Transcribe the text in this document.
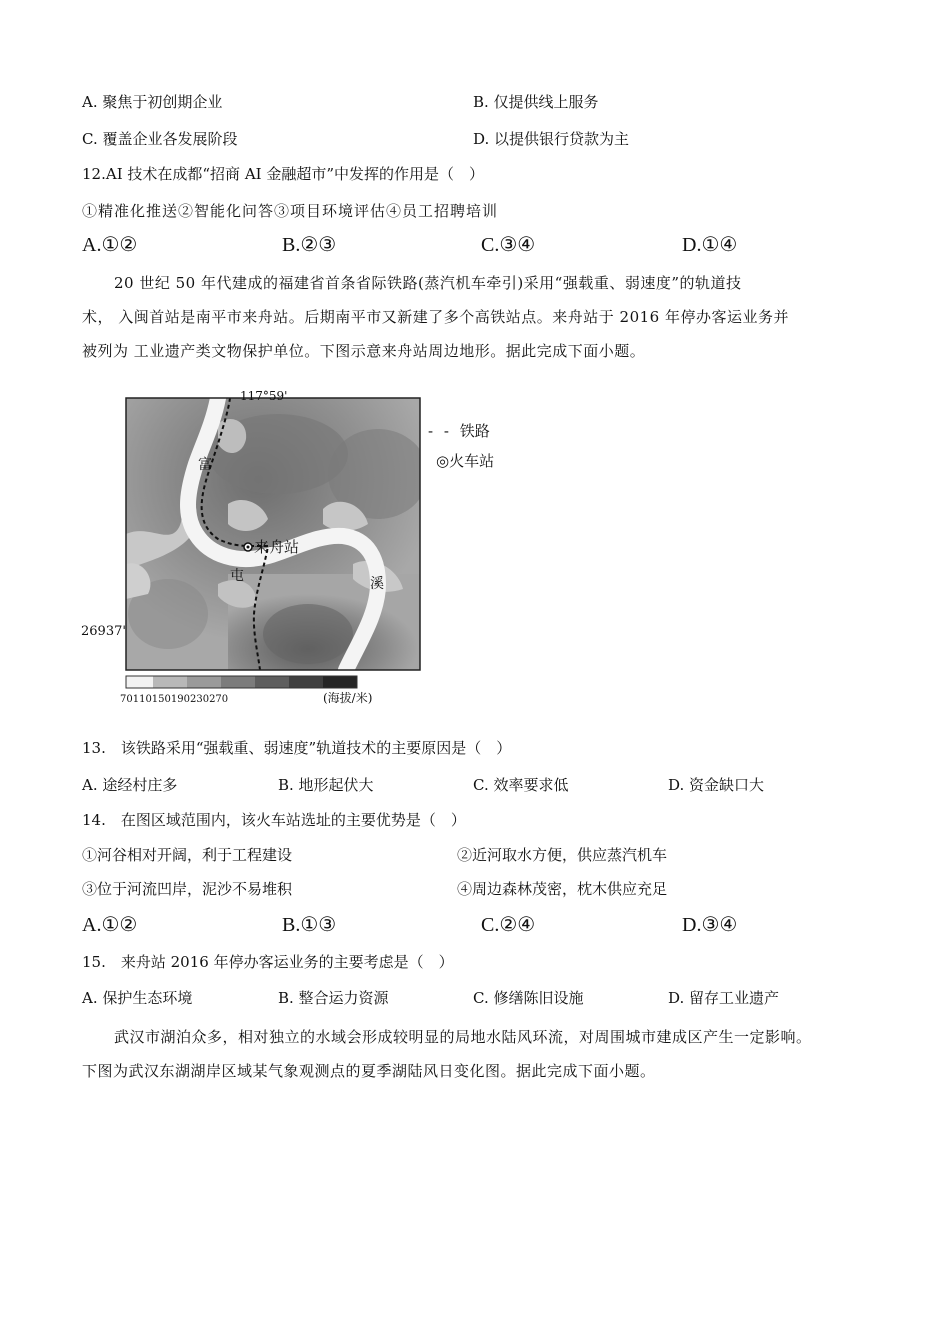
A. 聚焦于初创期企业	B. 仅提供线上服务
C. 覆盖企业各发展阶段	D. 以提供银行贷款为主
12.AI 技术在成都“招商 AI 金融超市”中发挥的作用是（　）
①精准化推送②智能化问答③项目环境评估④员工招聘培训
A.①②	B.②③	C.③④	D.①④

20 世纪 50 年代建成的福建省首条省际铁路(蒸汽机车牵引)采用“强载重、弱速度”的轨道技

术， 入闽首站是南平市来舟站。后期南平市又新建了多个高铁站点。来舟站于 2016 年停办客运业务并

被列为 工业遗产类文物保护单位。下图示意来舟站周边地形。据此完成下面小题。

117°59'
26937'
来舟站
富
屯	溪
70110150190230270	(海拔/米)
- - 铁路
◎火车站
13.　该铁路采用“强载重、弱速度”轨道技术的主要原因是（　）
A. 途经村庄多	B. 地形起伏大	C. 效率要求低	D. 资金缺口大
14.　在图区域范围内，该火车站选址的主要优势是（　）
①河谷相对开阔，利于工程建设	②近河取水方便，供应蒸汽机车
③位于河流凹岸，泥沙不易堆积	④周边森林茂密，枕木供应充足
A.①②	B.①③	C.②④	D.③④
15.　来舟站 2016 年停办客运业务的主要考虑是（　）
A. 保护生态环境	B. 整合运力资源	C. 修缮陈旧设施	D. 留存工业遗产

武汉市湖泊众多，相对独立的水域会形成较明显的局地水陆风环流，对周围城市建成区产生一定影响。

下图为武汉东湖湖岸区域某气象观测点的夏季湖陆风日变化图。据此完成下面小题。
